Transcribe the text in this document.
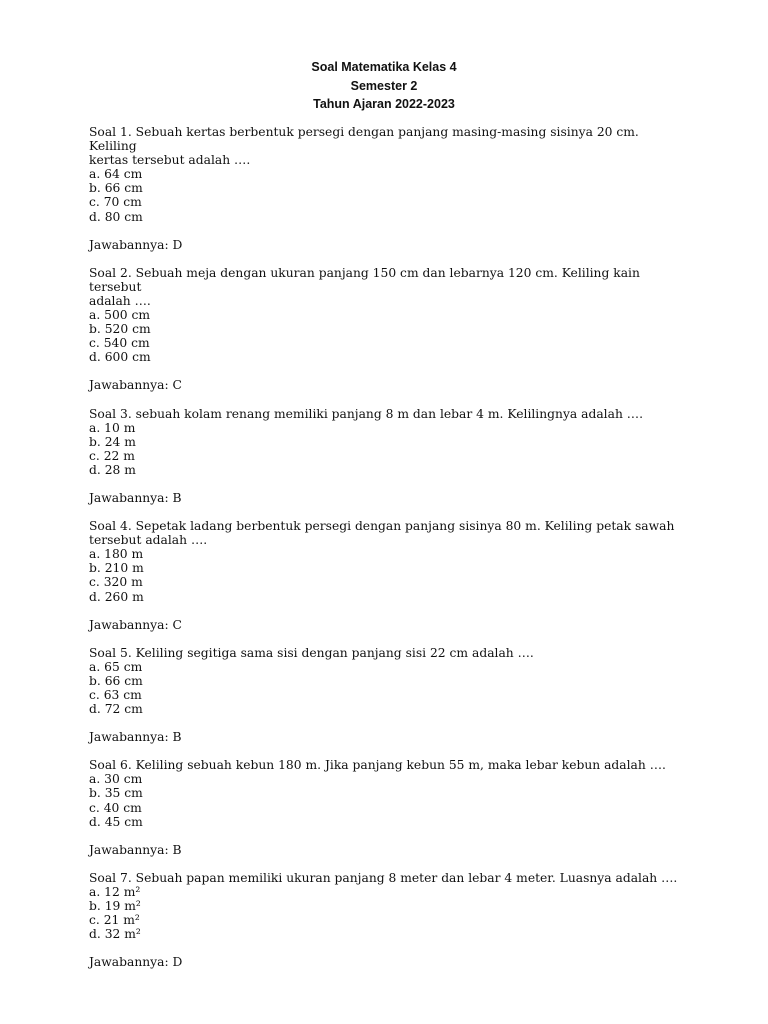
Soal Matematika Kelas 4
Semester 2
Tahun Ajaran 2022-2023
Soal 1. Sebuah kertas berbentuk persegi dengan panjang masing-masing sisinya 20 cm. Keliling
kertas tersebut adalah ….
a. 64 cm
b. 66 cm
c. 70 cm
d. 80 cm
Jawabannya: D
Soal 2. Sebuah meja dengan ukuran panjang 150 cm dan lebarnya 120 cm. Keliling kain tersebut
adalah ….
a. 500 cm
b. 520 cm
c. 540 cm
d. 600 cm
Jawabannya: C
Soal 3. sebuah kolam renang memiliki panjang 8 m dan lebar 4 m. Kelilingnya adalah ….
a. 10 m
b. 24 m
c. 22 m
d. 28 m
Jawabannya: B
Soal 4. Sepetak ladang berbentuk persegi dengan panjang sisinya 80 m. Keliling petak sawah
tersebut adalah ….
a. 180 m
b. 210 m
c. 320 m
d. 260 m
Jawabannya: C
Soal 5. Keliling segitiga sama sisi dengan panjang sisi 22 cm adalah ….
a. 65 cm
b. 66 cm
c. 63 cm
d. 72 cm
Jawabannya: B
Soal 6. Keliling sebuah kebun 180 m. Jika panjang kebun 55 m, maka lebar kebun adalah ….
a. 30 cm
b. 35 cm
c. 40 cm
d. 45 cm
Jawabannya: B
Soal 7. Sebuah papan memiliki ukuran panjang 8 meter dan lebar 4 meter. Luasnya adalah ….
a. 12 m²
b. 19 m²
c. 21 m²
d. 32 m²
Jawabannya: D
